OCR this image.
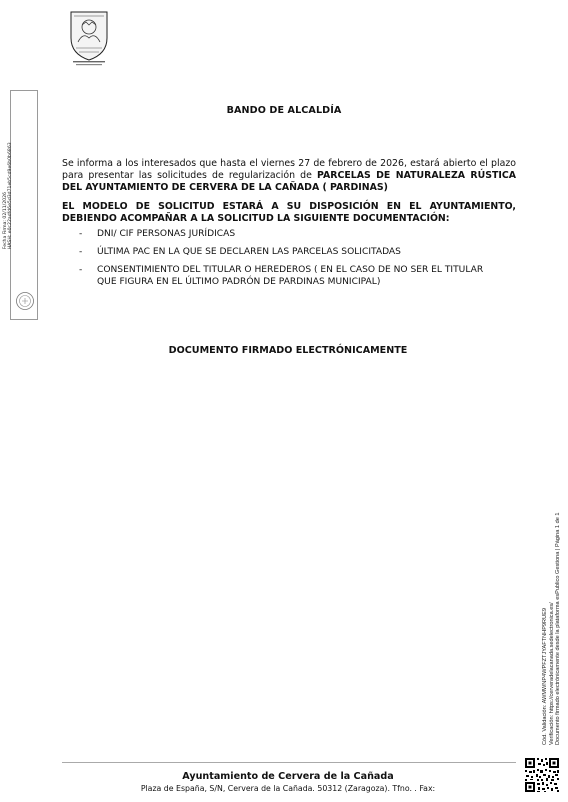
Fecha Firma: 02/11/2026 HASH: e0c22adfd6e5d3d71eb5cd9e6b0b6863
BANDO DE ALCALDÍA

Se informa a los interesados que hasta el viernes 27 de febrero de 2026, estará abierto el plazo para presentar las solicitudes de regularización de PARCELAS DE NATURALEZA RÚSTICA DEL AYUNTAMIENTO DE CERVERA DE LA CAÑADA ( PARDINAS)

EL MODELO DE SOLICITUD ESTARÁ A SU DISPOSICIÓN EN EL AYUNTAMIENTO, DEBIENDO ACOMPAÑAR A LA SOLICITUD LA SIGUIENTE DOCUMENTACIÓN:
- DNI/ CIF PERSONAS JURÍDICAS
- ÚLTIMA PAC EN LA QUE SE DECLAREN LAS PARCELAS SOLICITADAS
- CONSENTIMIENTO DEL TITULAR O HEREDEROS ( EN EL CASO DE NO SER EL TITULAR QUE FIGURA EN EL ÚLTIMO PADRÓN DE PARDINAS MUNICIPAL)
DOCUMENTO FIRMADO ELECTRÓNICAMENTE
Cód. Validación: AWMWNP4WPFZTJYAFTNHP9RUE9 Verificación: https://cerveradelacanada.sedelectronica.es/ Documento firmado electrónicamente desde la plataforma esPublico Gestiona | Página 1 de 1
Ayuntamiento de Cervera de la Cañada
Plaza de España, S/N, Cervera de la Cañada. 50312 (Zaragoza). Tfno. . Fax:
